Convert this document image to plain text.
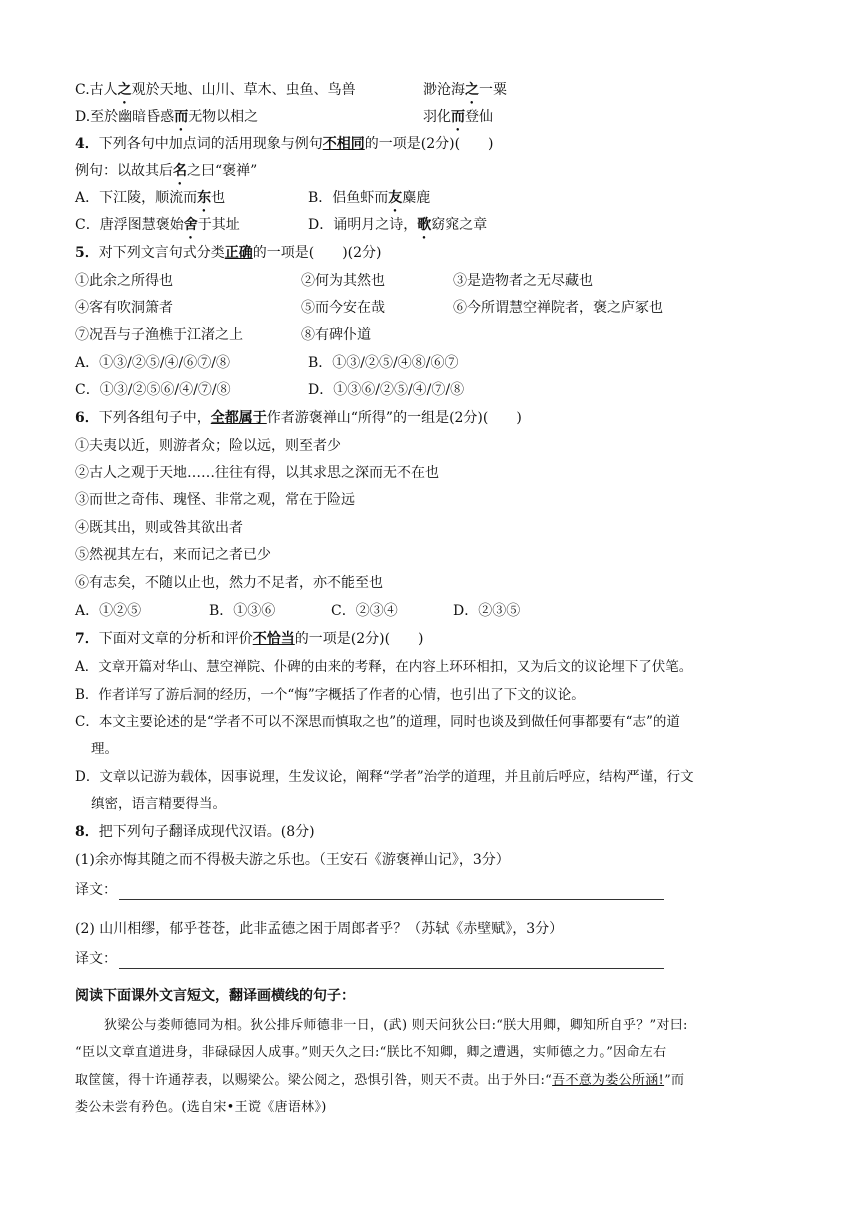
C.古人之观於天地、山川、草木、虫鱼、鸟兽	渺沧海之一粟
D.至於幽暗昏惑而无物以相之	羽化而登仙
4．下列各句中加点词的活用现象与例句不相同的一项是(2分)(　　)
例句：以故其后名之曰“褒禅”
A．下江陵，顺流而东也	B．侣鱼虾而友麋鹿
C．唐浮图慧褒始舍于其址	D．诵明月之诗，歌窈窕之章
5．对下列文言句式分类正确的一项是(　　)(2分)
①此余之所得也	②何为其然也	③是造物者之无尽藏也
④客有吹洞箫者	⑤而今安在哉	⑥今所谓慧空禅院者，褒之庐冢也
⑦况吾与子渔樵于江渚之上	⑧有碑仆道
A．①③/②⑤/④/⑥⑦/⑧	B．①③/②⑤/④⑧/⑥⑦
C．①③/②⑤⑥/④/⑦/⑧	D．①③⑥/②⑤/④/⑦/⑧
6．下列各组句子中，全都属于作者游褒禅山“所得”的一组是(2分)(　　)
①夫夷以近，则游者众；险以远，则至者少
②古人之观于天地……往往有得，以其求思之深而无不在也
③而世之奇伟、瑰怪、非常之观，常在于险远
④既其出，则或咎其欲出者
⑤然视其左右，来而记之者已少
⑥有志矣，不随以止也，然力不足者，亦不能至也
A．①②⑤	B．①③⑥	C．②③④	D．②③⑤
7．下面对文章的分析和评价不恰当的一项是(2分)(　　)
A．文章开篇对华山、慧空禅院、仆碑的由来的考释，在内容上环环相扣，又为后文的议论埋下了伏笔。
B．作者详写了游后洞的经历，一个“悔”字概括了作者的心情，也引出了下文的议论。
C．本文主要论述的是“学者不可以不深思而慎取之也”的道理，同时也谈及到做任何事都要有“志”的道
理。
D．文章以记游为载体，因事说理，生发议论，阐释“学者”治学的道理，并且前后呼应，结构严谨，行文
缜密，语言精要得当。
8．把下列句子翻译成现代汉语。(8分)
(1)余亦悔其随之而不得极夫游之乐也。（王安石《游褒禅山记》，3分）
译文：
(2) 山川相缪，郁乎苍苍，此非孟德之困于周郎者乎？（苏轼《赤壁赋》，3分）
译文：
阅读下面课外文言短文，翻译画横线的句子：
狄梁公与娄师德同为相。狄公排斥师德非一日，(武) 则天问狄公曰:“朕大用卿，卿知所自乎？”对曰:
“臣以文章直道进身，非碌碌因人成事。”则天久之曰:“朕比不知卿，卿之遭遇，实师德之力。”因命左右
取筐箧，得十许通荐表，以赐梁公。梁公阅之，恐惧引咎，则天不责。出于外曰:“吾不意为娄公所涵!”而
娄公未尝有矜色。(选自宋•王谠《唐语林》)
